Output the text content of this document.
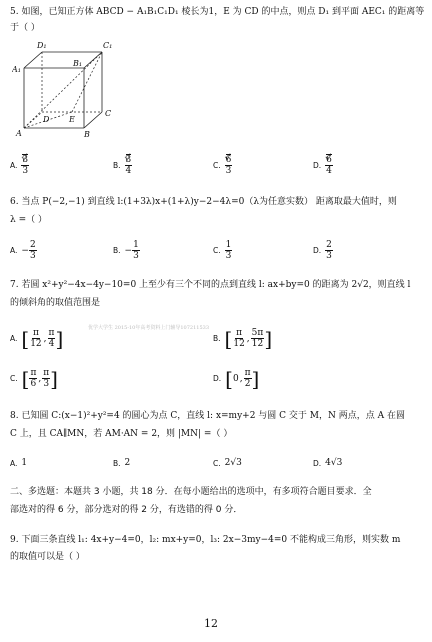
5. 如图，已知正方体 ABCD − A₁B₁C₁D₁ 棱长为1，E 为 CD 的中点，则点 D₁ 到平面 AEC₁ 的距离等
于（ ）
D₁	C₁
A₁
B₁
D E
C
A	B
A. √ $\frac{3}{3}$	B. √ $\frac{3}{4}$	C. √ $\frac{6}{3}$	D. √ $\frac{6}{4}$
6. 当点 P(−2,−1) 到直线 l:(1+3λ)x+(1+λ)y−2−4λ=0（λ为任意实数） 距离取最大值时，则
λ =（ ）
A. − $\frac{2}{3}$	B. − $\frac{1}{3}$	C. $\frac{1}{3}$	D. $\frac{2}{3}$
7. 若圆 x²+y²−4x−4y−10=0 上至少有三个不同的点到直线 l: ax+by=0 的距离为 2√2，则直线 l
的倾斜角的取值范围是
优学大学生 2015-10年高考资料上门辅导107211533
A. [ $\frac{\pi}{12}$ , $\frac{\pi}{4}$ ]	B. [ $\frac{\pi}{12}$ , $\frac{5\pi}{12}$ ]
C. [ $\frac{\pi}{6}$ , $\frac{\pi}{3}$ ]	D. [ 0 , $\frac{\pi}{2}$ ]
8. 已知圆 C:(x−1)²+y²=4 的圆心为点 C，直线 l: x=my+2 与圆 C 交于 M，N 两点，点 A 在圆
C 上，且 CA∥MN，若 AM·AN = 2，则 |MN| =（ ）
A. 1	B. 2	C. 2√3	D. 4√3
二、多选题：本题共 3 小题，共 18 分．在每小题给出的选项中，有多项符合题目要求．全
部选对的得 6 分，部分选对的得 2 分，有选错的得 0 分．
9. 下面三条直线 l₁: 4x+y−4=0，l₂: mx+y=0，l₃: 2x−3my−4=0 不能构成三角形，则实数 m
的取值可以是（ ）
12
